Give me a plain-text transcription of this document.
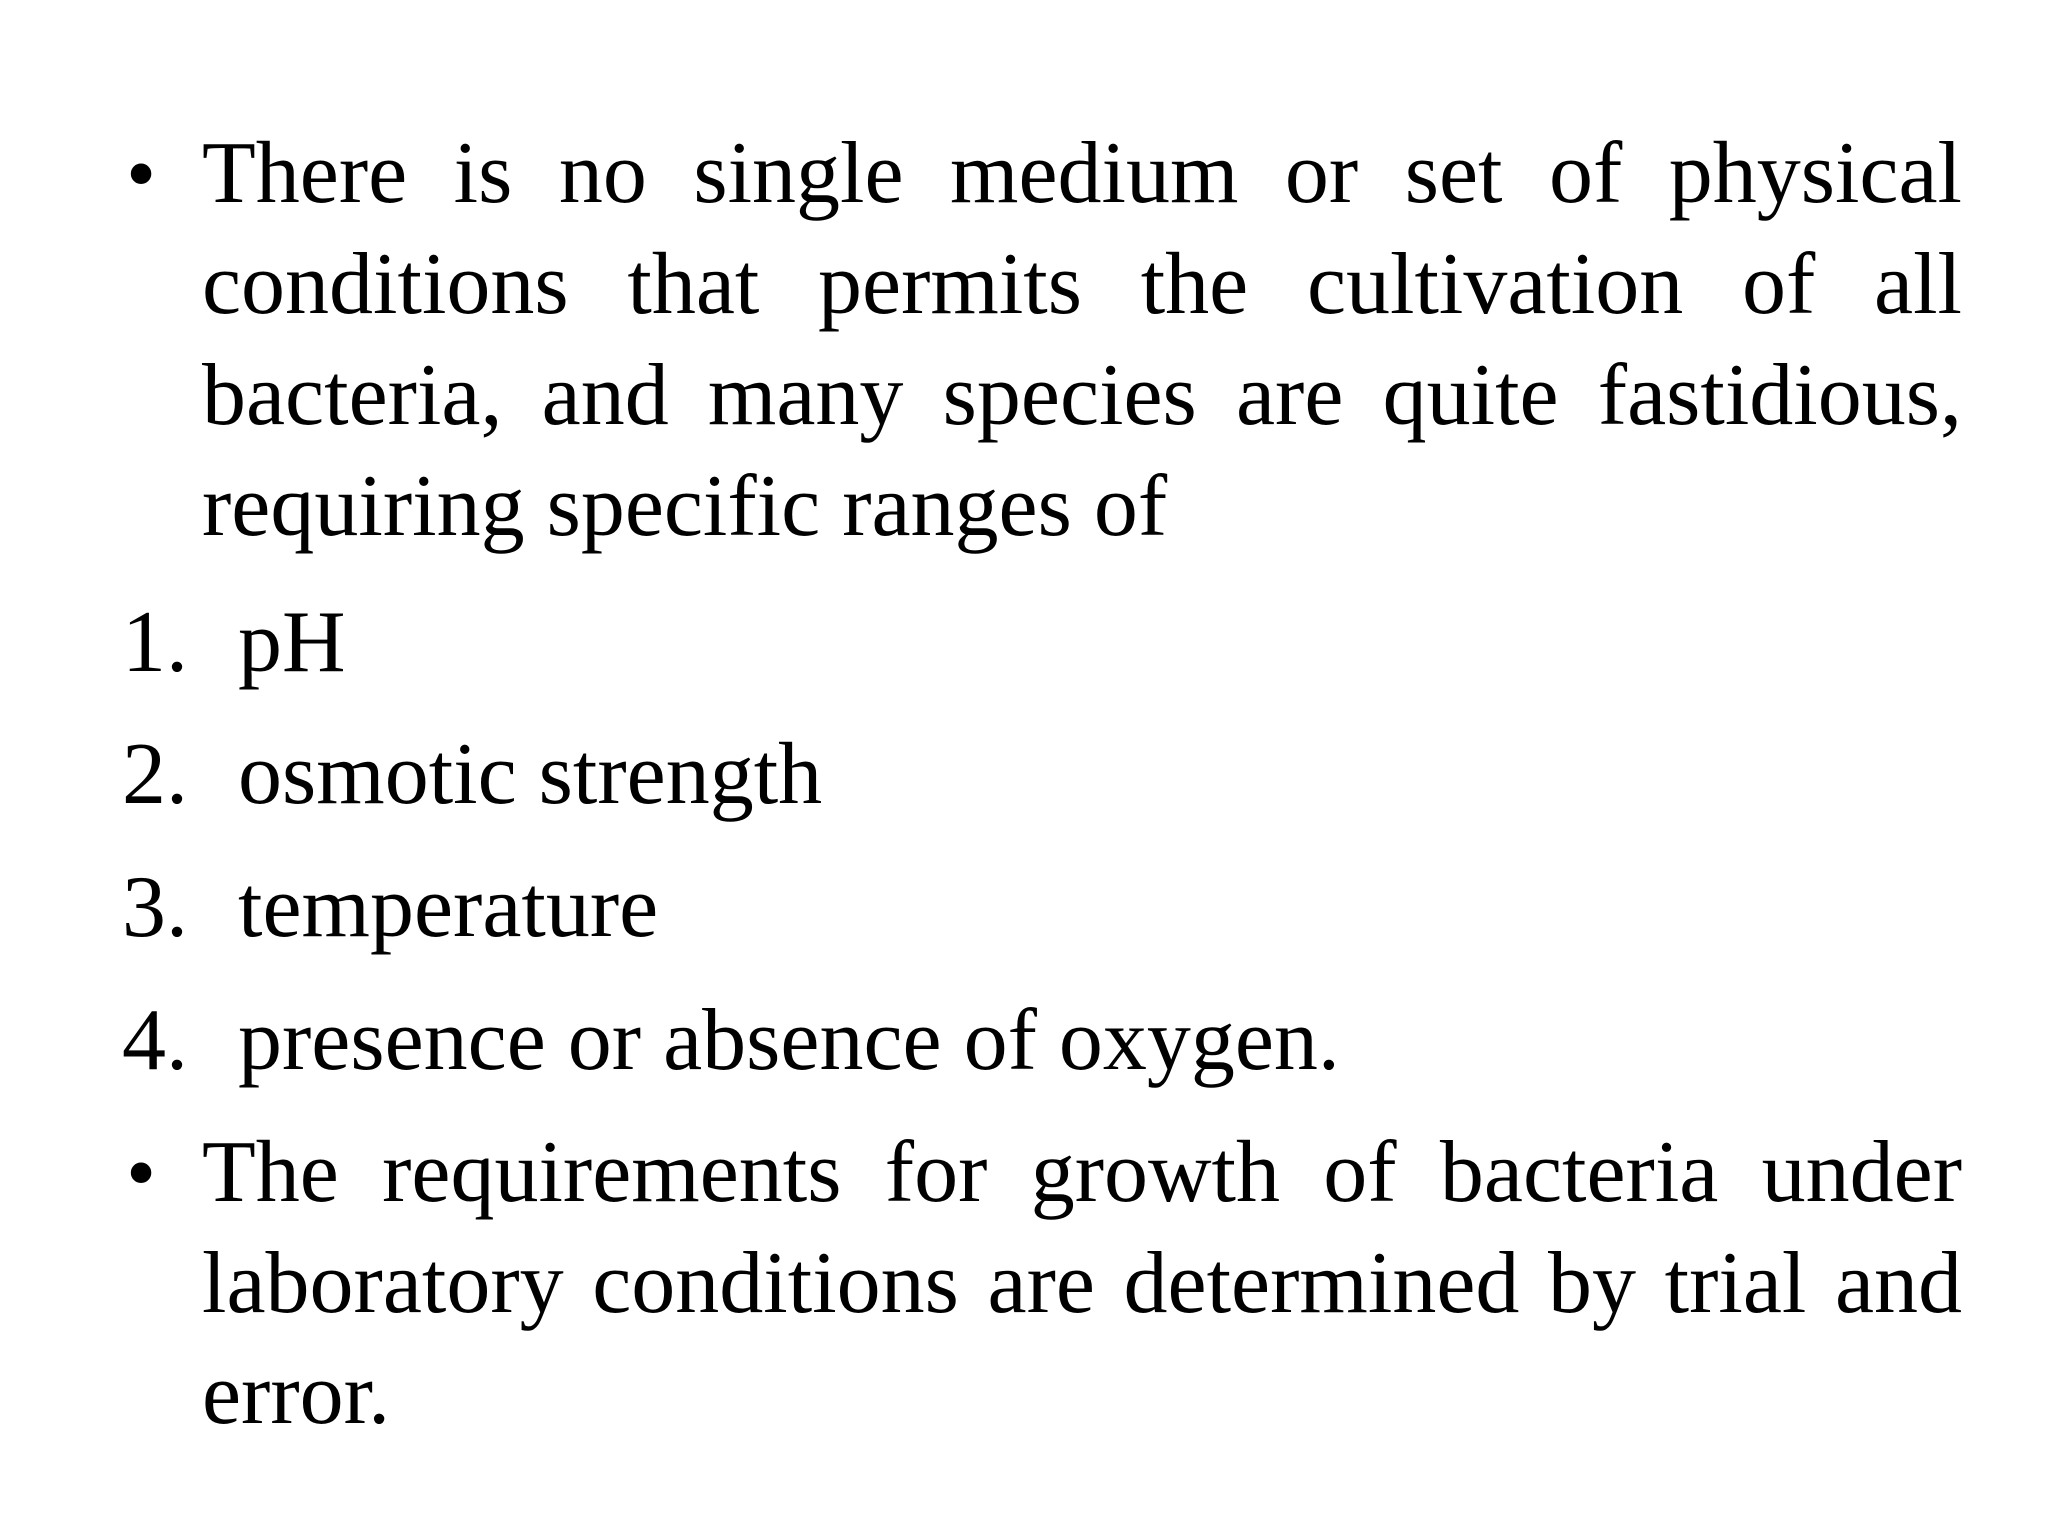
• There is no single medium or set of physical conditions that permits the cultivation of all bacteria, and many species are quite fastidious, requiring specific ranges of
1. pH
2. osmotic strength
3. temperature
4. presence or absence of oxygen.
• The requirements for growth of bacteria under laboratory conditions are determined by trial and error.
